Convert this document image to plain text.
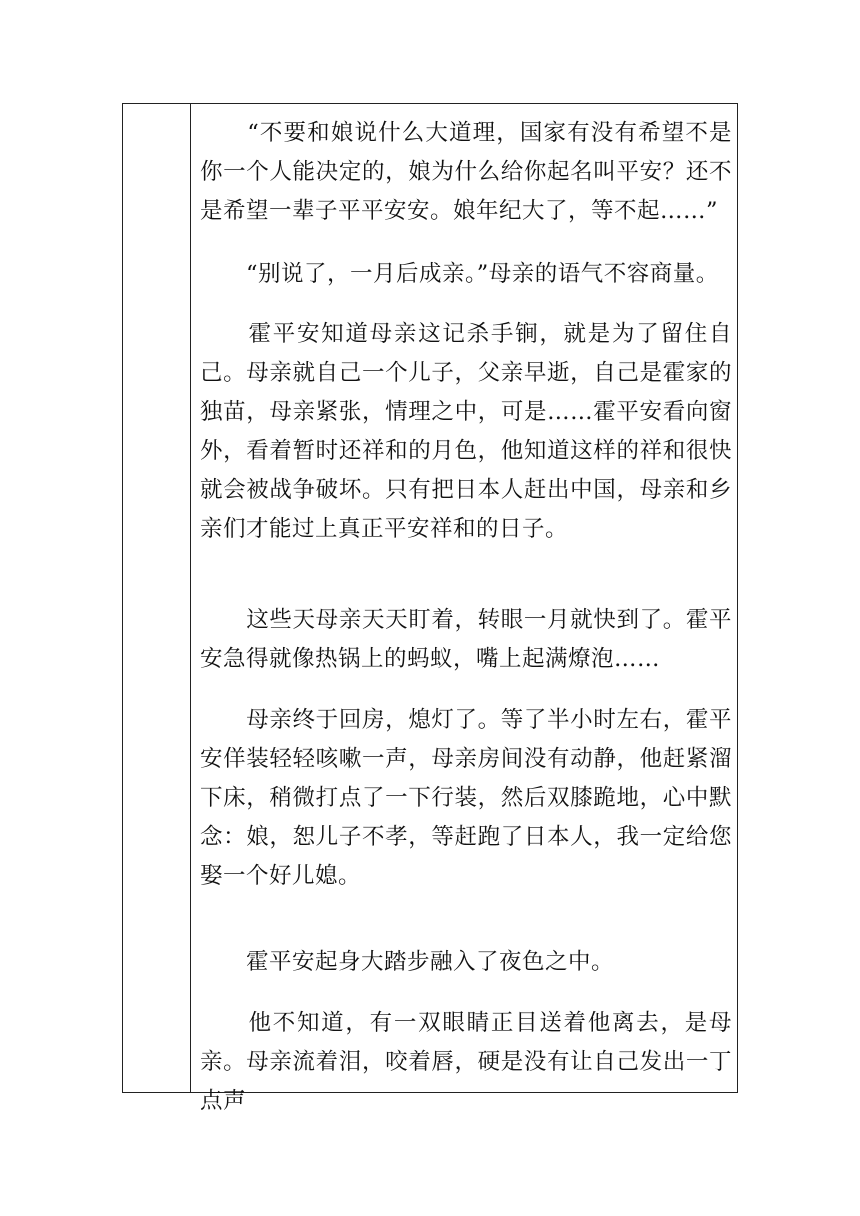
　　“不要和娘说什么大道理，国家有没有希望不是你一个人能决定的，娘为什么给你起名叫平安？还不是希望一辈子平平安安。娘年纪大了，等不起……”

　　“别说了，一月后成亲。”母亲的语气不容商量。

　　霍平安知道母亲这记杀手锏，就是为了留住自己。母亲就自己一个儿子，父亲早逝，自己是霍家的独苗，母亲紧张，情理之中，可是……霍平安看向窗外，看着暂时还祥和的月色，他知道这样的祥和很快就会被战争破坏。只有把日本人赶出中国，母亲和乡亲们才能过上真正平安祥和的日子。

　　这些天母亲天天盯着，转眼一月就快到了。霍平安急得就像热锅上的蚂蚁，嘴上起满燎泡……

　　母亲终于回房，熄灯了。等了半小时左右，霍平安佯装轻轻咳嗽一声，母亲房间没有动静，他赶紧溜下床，稍微打点了一下行装，然后双膝跪地，心中默念：娘，恕儿子不孝，等赶跑了日本人，我一定给您娶一个好儿媳。

　　霍平安起身大踏步融入了夜色之中。

　　他不知道，有一双眼睛正目送着他离去，是母亲。母亲流着泪，咬着唇，硬是没有让自己发出一丁点声
